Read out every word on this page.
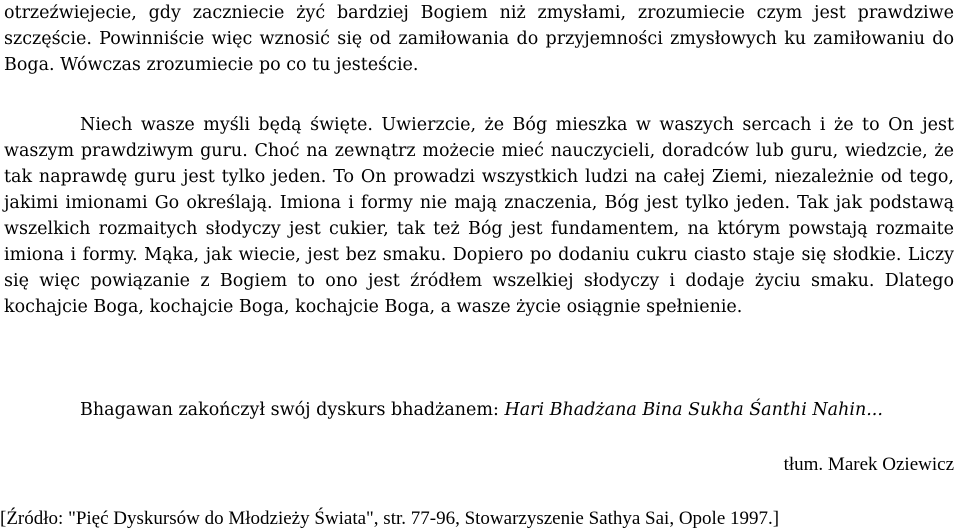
otrzeźwiejecie, gdy zaczniecie żyć bardziej Bogiem niż zmysłami, zrozumiecie czym jest prawdziwe szczęście. Powinniście więc wznosić się od zamiłowania do przyjemności zmysłowych ku zamiłowaniu do Boga. Wówczas zrozumiecie po co tu jesteście.

Niech wasze myśli będą święte. Uwierzcie, że Bóg mieszka w waszych sercach i że to On jest waszym prawdziwym guru. Choć na zewnątrz możecie mieć nauczycieli, doradców lub guru, wiedzcie, że tak naprawdę guru jest tylko jeden. To On prowadzi wszystkich ludzi na całej Ziemi, niezależnie od tego, jakimi imionami Go określają. Imiona i formy nie mają znaczenia, Bóg jest tylko jeden. Tak jak podstawą wszelkich rozmaitych słodyczy jest cukier, tak też Bóg jest fundamentem, na którym powstają rozmaite imiona i formy. Mąka, jak wiecie, jest bez smaku. Dopiero po dodaniu cukru ciasto staje się słodkie. Liczy się więc powiązanie z Bogiem to ono jest źródłem wszelkiej słodyczy i dodaje życiu smaku. Dlatego kochajcie Boga, kochajcie Boga, kochajcie Boga, a wasze życie osiągnie spełnienie.

Bhagawan zakończył swój dyskurs bhadżanem: Hari Bhadżana Bina Sukha Śanthi Nahin...

tłum. Marek Oziewicz

[Źródło: "Pięć Dyskursów do Młodzieży Świata", str. 77-96, Stowarzyszenie Sathya Sai, Opole 1997.]
